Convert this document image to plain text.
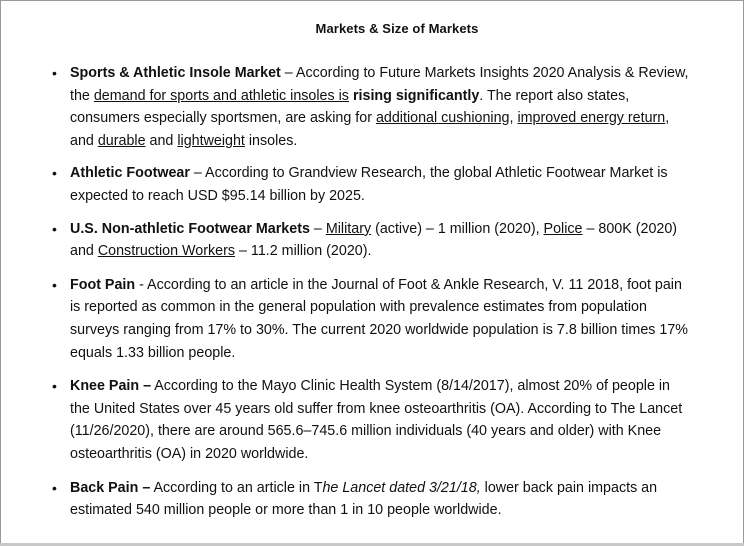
Markets & Size of Markets
• Sports & Athletic Insole Market – According to Future Markets Insights 2020 Analysis & Review, the demand for sports and athletic insoles is rising significantly. The report also states, consumers especially sportsmen, are asking for additional cushioning, improved energy return, and durable and lightweight insoles.
• Athletic Footwear – According to Grandview Research, the global Athletic Footwear Market is expected to reach USD $95.14 billion by 2025.
• U.S. Non-athletic Footwear Markets – Military (active) – 1 million (2020), Police – 800K (2020) and Construction Workers – 11.2 million (2020).
• Foot Pain - According to an article in the Journal of Foot & Ankle Research, V. 11 2018, foot pain is reported as common in the general population with prevalence estimates from population surveys ranging from 17% to 30%. The current 2020 worldwide population is 7.8 billion times 17% equals 1.33 billion people.
• Knee Pain – According to the Mayo Clinic Health System (8/14/2017), almost 20% of people in the United States over 45 years old suffer from knee osteoarthritis (OA). According to The Lancet (11/26/2020), there are around 565.6–745.6 million individuals (40 years and older) with Knee osteoarthritis (OA) in 2020 worldwide.
• Back Pain – According to an article in The Lancet dated 3/21/18, lower back pain impacts an estimated 540 million people or more than 1 in 10 people worldwide.
